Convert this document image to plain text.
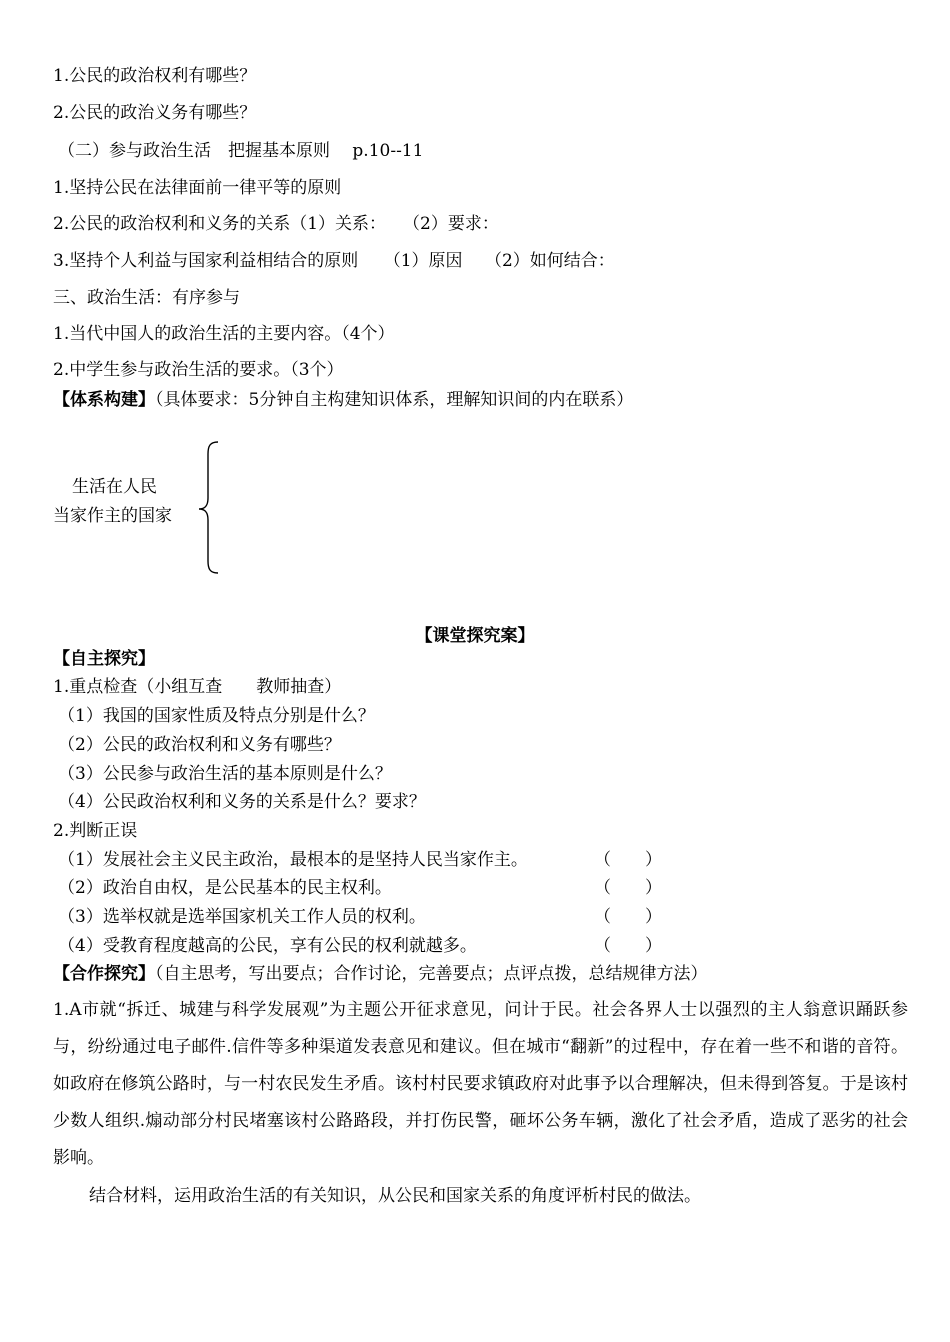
1.公民的政治权利有哪些？
2.公民的政治义务有哪些？
（二）参与政治生活　把握基本原则　 p.10--11
1.坚持公民在法律面前一律平等的原则
2.公民的政治权利和义务的关系（1）关系：　　（2）要求：
3.坚持个人利益与国家利益相结合的原则　　（1）原因　 （2）如何结合：
三、政治生活：有序参与
1.当代中国人的政治生活的主要内容。（4个）
2.中学生参与政治生活的要求。（3个）
【体系构建】（具体要求：5分钟自主构建知识体系，理解知识间的内在联系）
生活在人民
当家作主的国家
【课堂探究案】
【自主探究】
1.重点检查（小组互查　　教师抽查）
（1）我国的国家性质及特点分别是什么？
（2）公民的政治权利和义务有哪些？
（3）公民参与政治生活的基本原则是什么？
（4）公民政治权利和义务的关系是什么？要求？
2.判断正误
（1）发展社会主义民主政治，最根本的是坚持人民当家作主。	（　　）
（2）政治自由权，是公民基本的民主权利。	（　　）
（3）选举权就是选举国家机关工作人员的权利。	（　　）
（4）受教育程度越高的公民，享有公民的权利就越多。	（　　）
【合作探究】（自主思考，写出要点；合作讨论，完善要点；点评点拨，总结规律方法）
1.A市就“拆迁、城建与科学发展观”为主题公开征求意见，问计于民。社会各界人士以强烈的主人翁意识踊跃参与，纷纷通过电子邮件.信件等多种渠道发表意见和建议。但在城市“翻新”的过程中，存在着一些不和谐的音符。如政府在修筑公路时，与一村农民发生矛盾。该村村民要求镇政府对此事予以合理解决，但未得到答复。于是该村少数人组织.煽动部分村民堵塞该村公路路段，并打伤民警，砸坏公务车辆，激化了社会矛盾，造成了恶劣的社会影响。
结合材料，运用政治生活的有关知识，从公民和国家关系的角度评析村民的做法。
